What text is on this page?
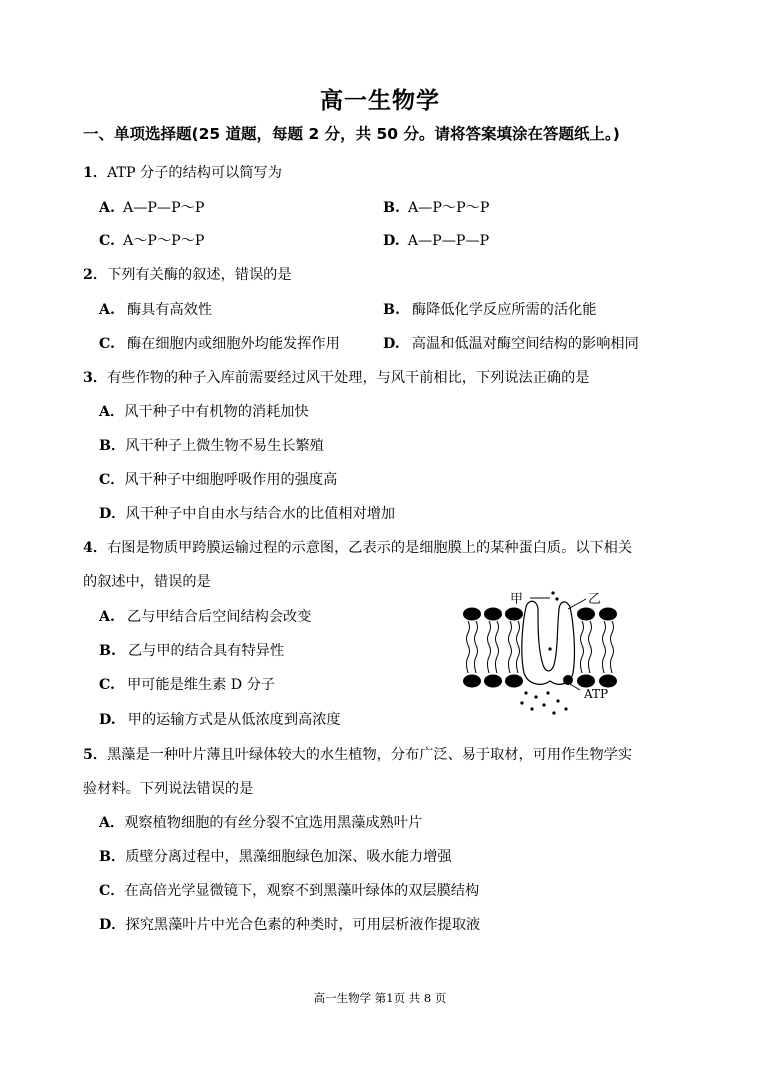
高一生物学
一、单项选择题(25 道题，每题 2 分，共 50 分。请将答案填涂在答题纸上。)
1．ATP 分子的结构可以简写为
A. A—P—P～P	B. A—P～P～P
C. A～P～P～P	D. A—P—P—P
2．下列有关酶的叙述，错误的是
A. 酶具有高效性	B. 酶降低化学反应所需的活化能
C. 酶在细胞内或细胞外均能发挥作用	D. 高温和低温对酶空间结构的影响相同
3．有些作物的种子入库前需要经过风干处理，与风干前相比，下列说法正确的是
A．风干种子中有机物的消耗加快
B．风干种子上微生物不易生长繁殖
C．风干种子中细胞呼吸作用的强度高
D．风干种子中自由水与结合水的比值相对增加
4．右图是物质甲跨膜运输过程的示意图，乙表示的是细胞膜上的某种蛋白质。以下相关
的叙述中，错误的是
A. 乙与甲结合后空间结构会改变
B. 乙与甲的结合具有特异性
C. 甲可能是维生素 D 分子
D. 甲的运输方式是从低浓度到高浓度
甲	乙
ATP
5．黑藻是一种叶片薄且叶绿体较大的水生植物，分布广泛、易于取材，可用作生物学实
验材料。下列说法错误的是
A．观察植物细胞的有丝分裂不宜选用黑藻成熟叶片
B．质壁分离过程中，黑藻细胞绿色加深、吸水能力增强
C．在高倍光学显微镜下，观察不到黑藻叶绿体的双层膜结构
D．探究黑藻叶片中光合色素的种类时，可用层析液作提取液
高一生物学 第1页 共 8 页
